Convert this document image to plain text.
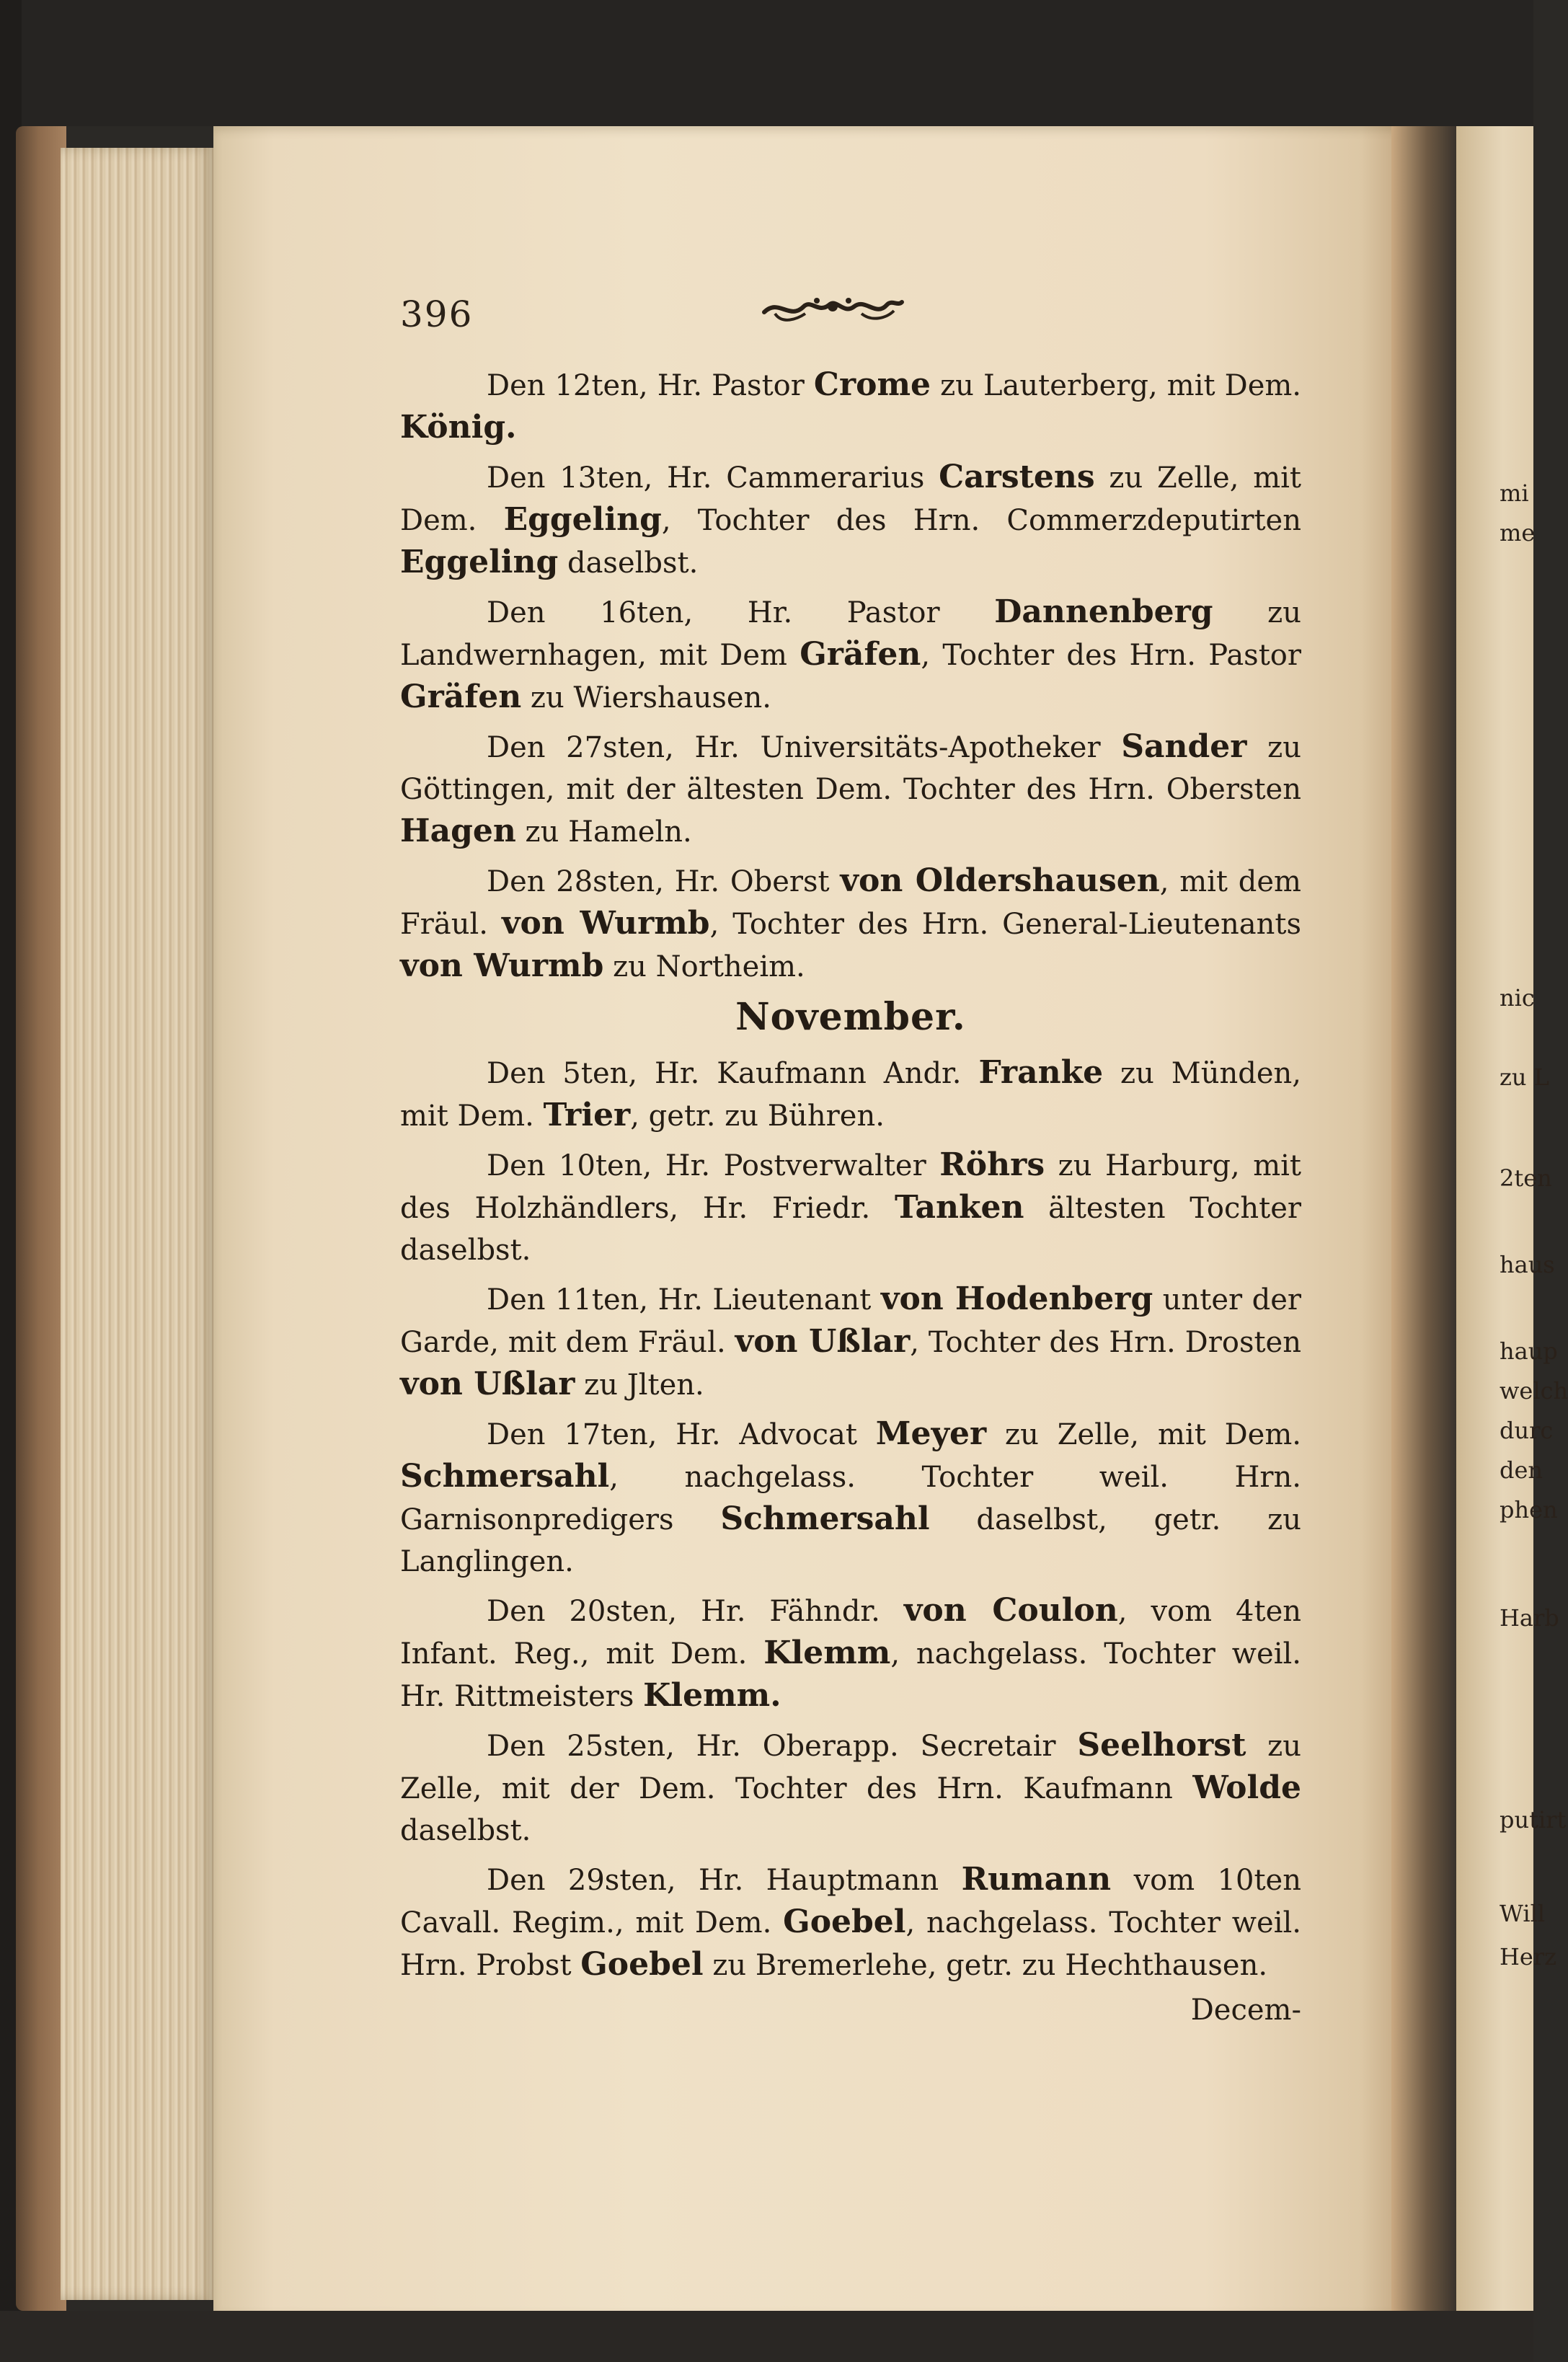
mi
me
nic
zu L
2ten
haus
haup
welch
durc
den
phen
Harb
putirt
Will
Herz
396

Den 12ten, Hr. Pastor Crome zu Lauterberg, mit Dem. König.

Den 13ten, Hr. Cammerarius Carstens zu Zelle, mit Dem. Eggeling, Tochter des Hrn. Commerzdeputirten Eggeling daselbst.

Den 16ten, Hr. Pastor Dannenberg zu Landwernhagen, mit Dem Gräfen, Tochter des Hrn. Pastor Gräfen zu Wiershausen.

Den 27sten, Hr. Universitäts-Apotheker Sander zu Göttingen, mit der ältesten Dem. Tochter des Hrn. Obersten Hagen zu Hameln.

Den 28sten, Hr. Oberst von Oldershausen, mit dem Fräul. von Wurmb, Tochter des Hrn. General-Lieutenants von Wurmb zu Northeim.

November.

Den 5ten, Hr. Kaufmann Andr. Franke zu Münden, mit Dem. Trier, getr. zu Bühren.

Den 10ten, Hr. Postverwalter Röhrs zu Harburg, mit des Holzhändlers, Hr. Friedr. Tanken ältesten Tochter daselbst.

Den 11ten, Hr. Lieutenant von Hodenberg unter der Garde, mit dem Fräul. von Ußlar, Tochter des Hrn. Drosten von Ußlar zu Jlten.

Den 17ten, Hr. Advocat Meyer zu Zelle, mit Dem. Schmersahl, nachgelass. Tochter weil. Hrn. Garnisonpredigers Schmersahl daselbst, getr. zu Langlingen.

Den 20sten, Hr. Fähndr. von Coulon, vom 4ten Infant. Reg., mit Dem. Klemm, nachgelass. Tochter weil. Hr. Rittmeisters Klemm.

Den 25sten, Hr. Oberapp. Secretair Seelhorst zu Zelle, mit der Dem. Tochter des Hrn. Kaufmann Wolde daselbst.

Den 29sten, Hr. Hauptmann Rumann vom 10ten Cavall. Regim., mit Dem. Goebel, nachgelass. Tochter weil. Hrn. Probst Goebel zu Bremerlehe, getr. zu Hechthausen.

Decem-
